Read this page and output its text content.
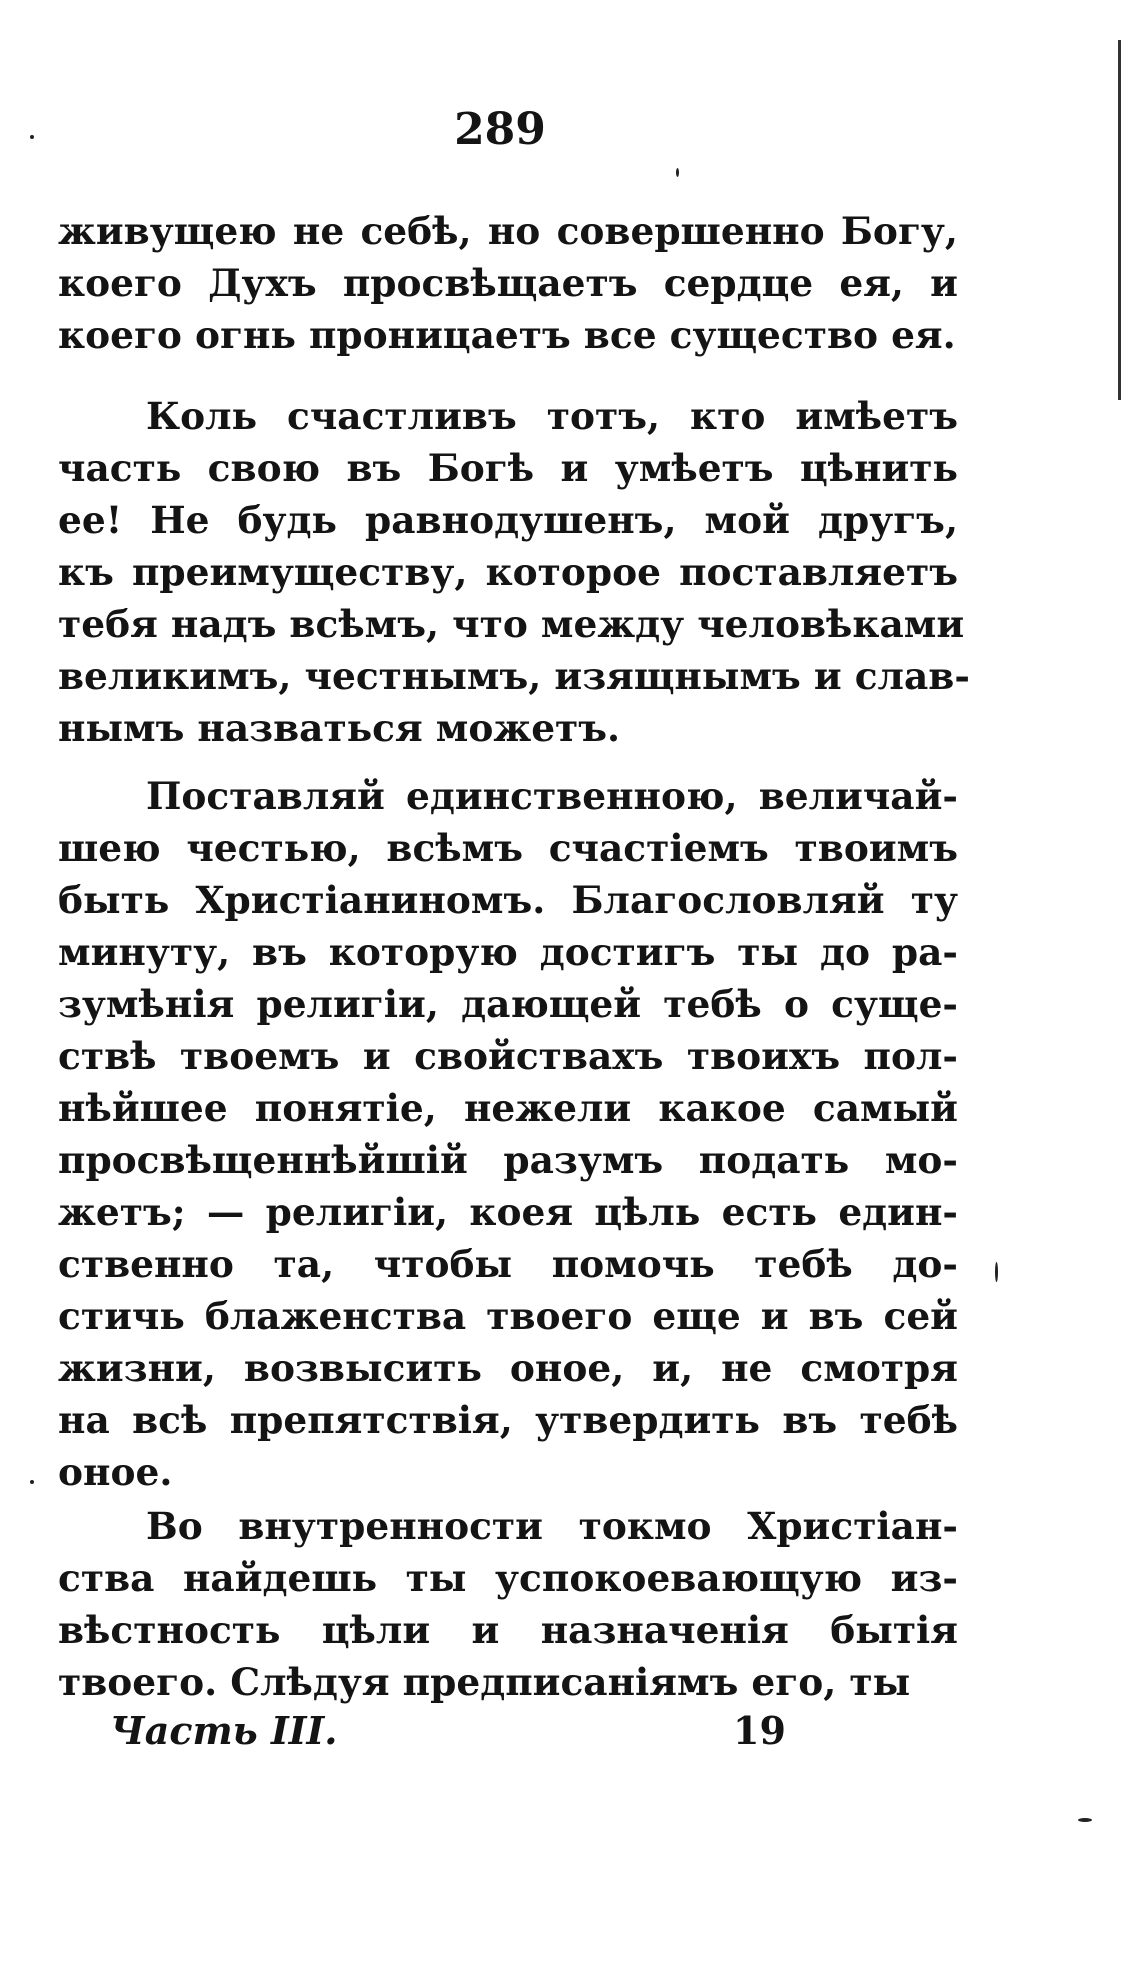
289
живущею не себѣ, но совершенно Богу,
коего Духъ просвѣщаетъ сердце ея, и
коего огнь проницаетъ все существо ея.
Коль счастливъ тотъ, кто имѣетъ
часть свою въ Богѣ и умѣетъ цѣнить
ее! Не будь равнодушенъ, мой другъ,
къ преимуществу, которое поставляетъ
тебя надъ всѣмъ, что между человѣками
великимъ, честнымъ, изящнымъ и слав-
нымъ назваться можетъ.
Поставляй единственною, величай-
шею честью, всѣмъ счастіемъ твоимъ
быть Христіаниномъ. Благословляй ту
минуту, въ которую достигъ ты до ра-
зумѣнія религіи, дающей тебѣ о суще-
ствѣ твоемъ и свойствахъ твоихъ пол-
нѣйшее понятіе, нежели какое самый
просвѣщеннѣйшій разумъ подать мо-
жетъ; — религіи, коея цѣль есть един-
ственно та, чтобы помочь тебѣ до-
стичь блаженства твоего еще и въ сей
жизни, возвысить оное, и, не смотря
на всѣ препятствія, утвердить въ тебѣ
оное.
Во внутренности токмо Христіан-
ства найдешь ты успокоевающую из-
вѣстность цѣли и назначенія бытія
твоего. Слѣдуя предписаніямъ его, ты
Часть III.	19
